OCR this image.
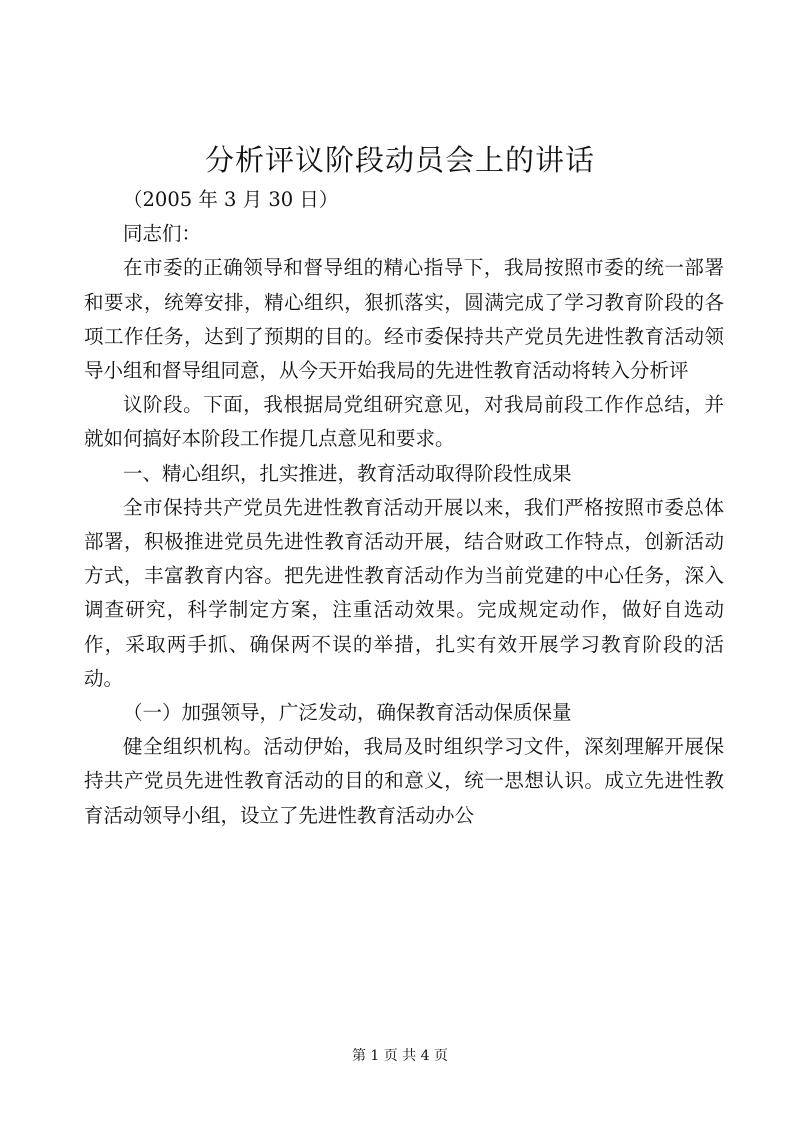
分析评议阶段动员会上的讲话

（2005 年 3 月 30 日）

同志们：

在市委的正确领导和督导组的精心指导下，我局按照市委的统一部署和要求，统筹安排，精心组织，狠抓落实，圆满完成了学习教育阶段的各项工作任务，达到了预期的目的。经市委保持共产党员先进性教育活动领导小组和督导组同意，从今天开始我局的先进性教育活动将转入分析评

议阶段。下面，我根据局党组研究意见，对我局前段工作作总结，并就如何搞好本阶段工作提几点意见和要求。

一、精心组织，扎实推进，教育活动取得阶段性成果

全市保持共产党员先进性教育活动开展以来，我们严格按照市委总体部署，积极推进党员先进性教育活动开展，结合财政工作特点，创新活动方式，丰富教育内容。把先进性教育活动作为当前党建的中心任务，深入调查研究，科学制定方案，注重活动效果。完成规定动作，做好自选动作，采取两手抓、确保两不误的举措，扎实有效开展学习教育阶段的活动。

（一）加强领导，广泛发动，确保教育活动保质保量

健全组织机构。活动伊始，我局及时组织学习文件，深刻理解开展保持共产党员先进性教育活动的目的和意义，统一思想认识。成立先进性教育活动领导小组，设立了先进性教育活动办公

第 1 页 共 4 页
